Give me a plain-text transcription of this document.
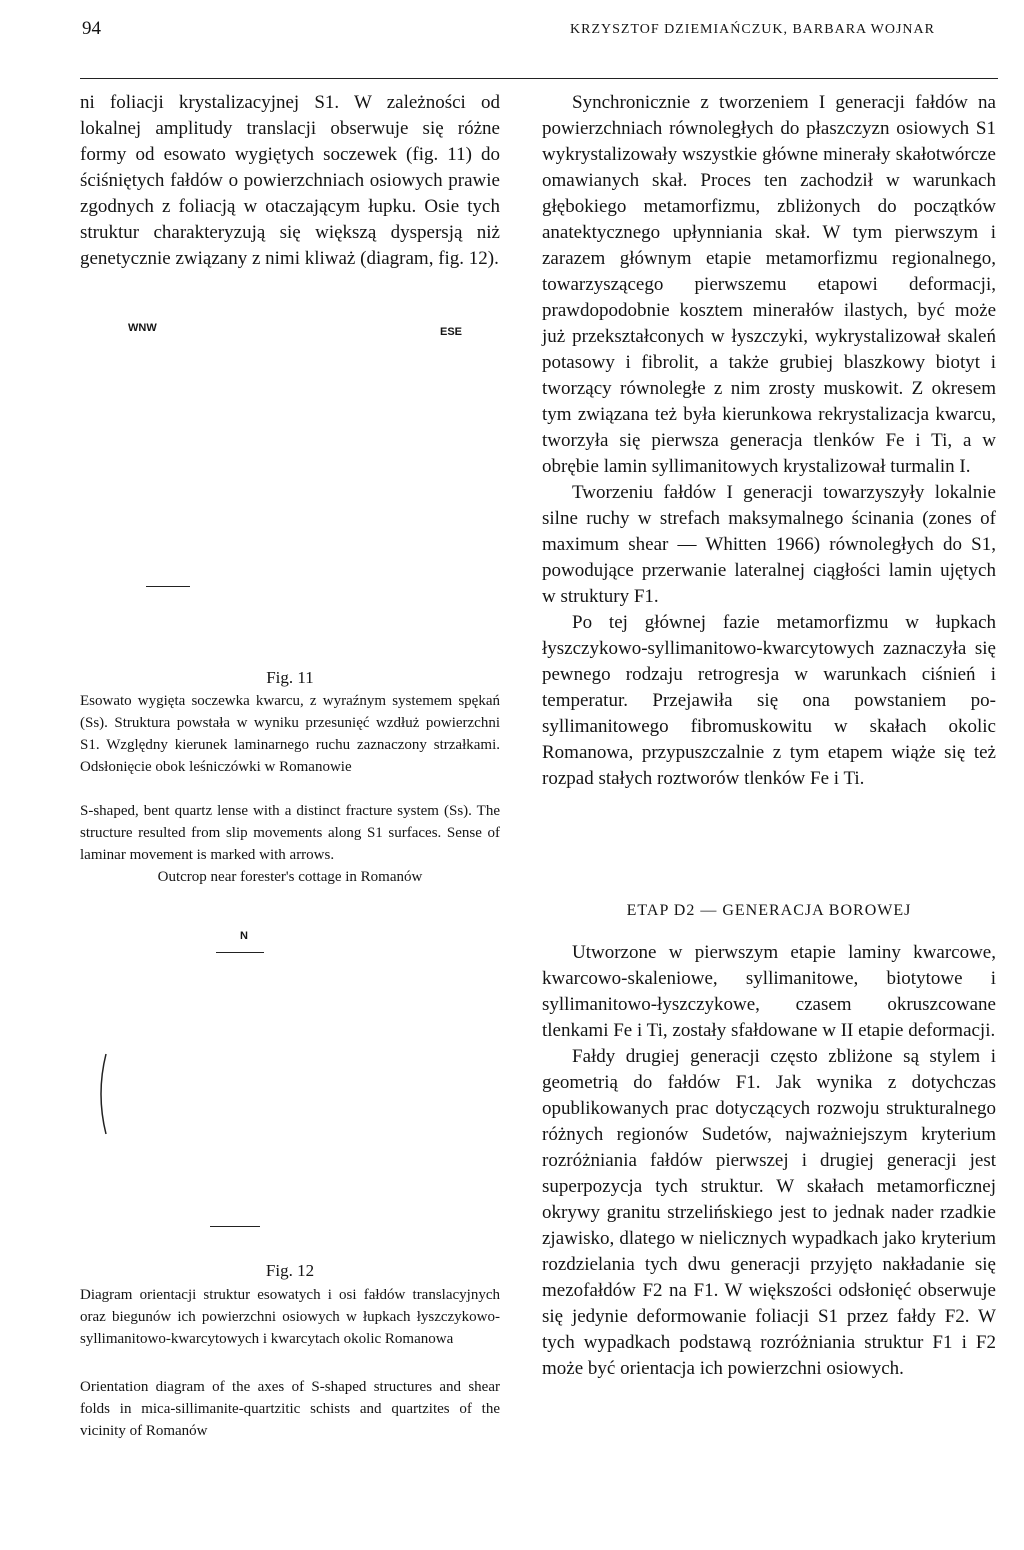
94	KRZYSZTOF DZIEMIAŃCZUK, BARBARA WOJNAR

ni foliacji krystalizacyjnej S1. W zależności od lokalnej amplitudy translacji obserwuje się różne formy od esowato wygiętych soczewek (fig. 11) do ściśniętych fałdów o powierzchniach osiowych prawie zgodnych z foliacją w otaczającym łupku. Osie tych struktur charakteryzują się większą dyspersją niż genetycznie związany z nimi kliważ (diagram, fig. 12).

WNW	ESE
Fig. 11

Esowato wygięta soczewka kwarcu, z wyraźnym systemem spękań (Ss). Struktura powstała w wyniku przesunięć wzdłuż powierzchni S1. Względny kierunek laminarnego ruchu zaznaczony strzałkami. Odsłonięcie obok leśniczówki w Romanowie

S-shaped, bent quartz lense with a distinct fracture system (Ss). The structure resulted from slip movements along S1 surfaces. Sense of laminar movement is marked with arrows.

Outcrop near forester's cottage in Romanów

N
Fig. 12

Diagram orientacji struktur esowatych i osi fałdów translacyjnych oraz biegunów ich powierzchni osiowych w łupkach łyszczykowo-syllimanitowo-kwarcytowych i kwarcytach okolic Romanowa

Orientation diagram of the axes of S-shaped structures and shear folds in mica-sillimanite-quartzitic schists and quartzites of the vicinity of Romanów

Synchronicznie z tworzeniem I generacji fałdów na powierzchniach równoległych do płaszczyzn osiowych S1 wykrystalizowały wszystkie główne minerały skałotwórcze omawianych skał. Proces ten zachodził w warunkach głębokiego metamorfizmu, zbliżonych do początków anatektycznego upłynniania skał. W tym pierwszym i zarazem głównym etapie metamorfizmu regionalnego, towarzyszącego pierwszemu etapowi deformacji, prawdopodobnie kosztem minerałów ilastych, być może już przekształconych w łyszczyki, wykrystalizował skaleń potasowy i fibrolit, a także grubiej blaszkowy biotyt i tworzący równoległe z nim zrosty muskowit. Z okresem tym związana też była kierunkowa rekrystalizacja kwarcu, tworzyła się pierwsza generacja tlenków Fe i Ti, a w obrębie lamin syllimanitowych krystalizował turmalin I.

Tworzeniu fałdów I generacji towarzyszyły lokalnie silne ruchy w strefach maksymalnego ścinania (zones of maximum shear — Whitten 1966) równoległych do S1, powodujące przerwanie lateralnej ciągłości lamin ujętych w struktury F1.

Po tej głównej fazie metamorfizmu w łupkach łyszczykowo-syllimanitowo-kwarcytowych zaznaczyła się pewnego rodzaju retrogresja w warunkach ciśnień i temperatur. Przejawiła się ona powstaniem po-syllimanitowego fibromuskowitu w skałach okolic Romanowa, przypuszczalnie z tym etapem wiąże się też rozpad stałych roztworów tlenków Fe i Ti.

ETAP D2 — GENERACJA BOROWEJ

Utworzone w pierwszym etapie laminy kwarcowe, kwarcowo-skaleniowe, syllimanitowe, biotytowe i syllimanitowo-łyszczykowe, czasem okruszcowane tlenkami Fe i Ti, zostały sfałdowane w II etapie deformacji.

Fałdy drugiej generacji często zbliżone są stylem i geometrią do fałdów F1. Jak wynika z dotychczas opublikowanych prac dotyczących rozwoju strukturalnego różnych regionów Sudetów, najważniejszym kryterium rozróżniania fałdów pierwszej i drugiej generacji jest superpozycja tych struktur. W skałach metamorficznej okrywy granitu strzelińskiego jest to jednak nader rzadkie zjawisko, dlatego w nielicznych wypadkach jako kryterium rozdzielania tych dwu generacji przyjęto nakładanie się mezofałdów F2 na F1. W większości odsłonięć obserwuje się jedynie deformowanie foliacji S1 przez fałdy F2. W tych wypadkach podstawą rozróżniania struktur F1 i F2 może być orientacja ich powierzchni osiowych.
